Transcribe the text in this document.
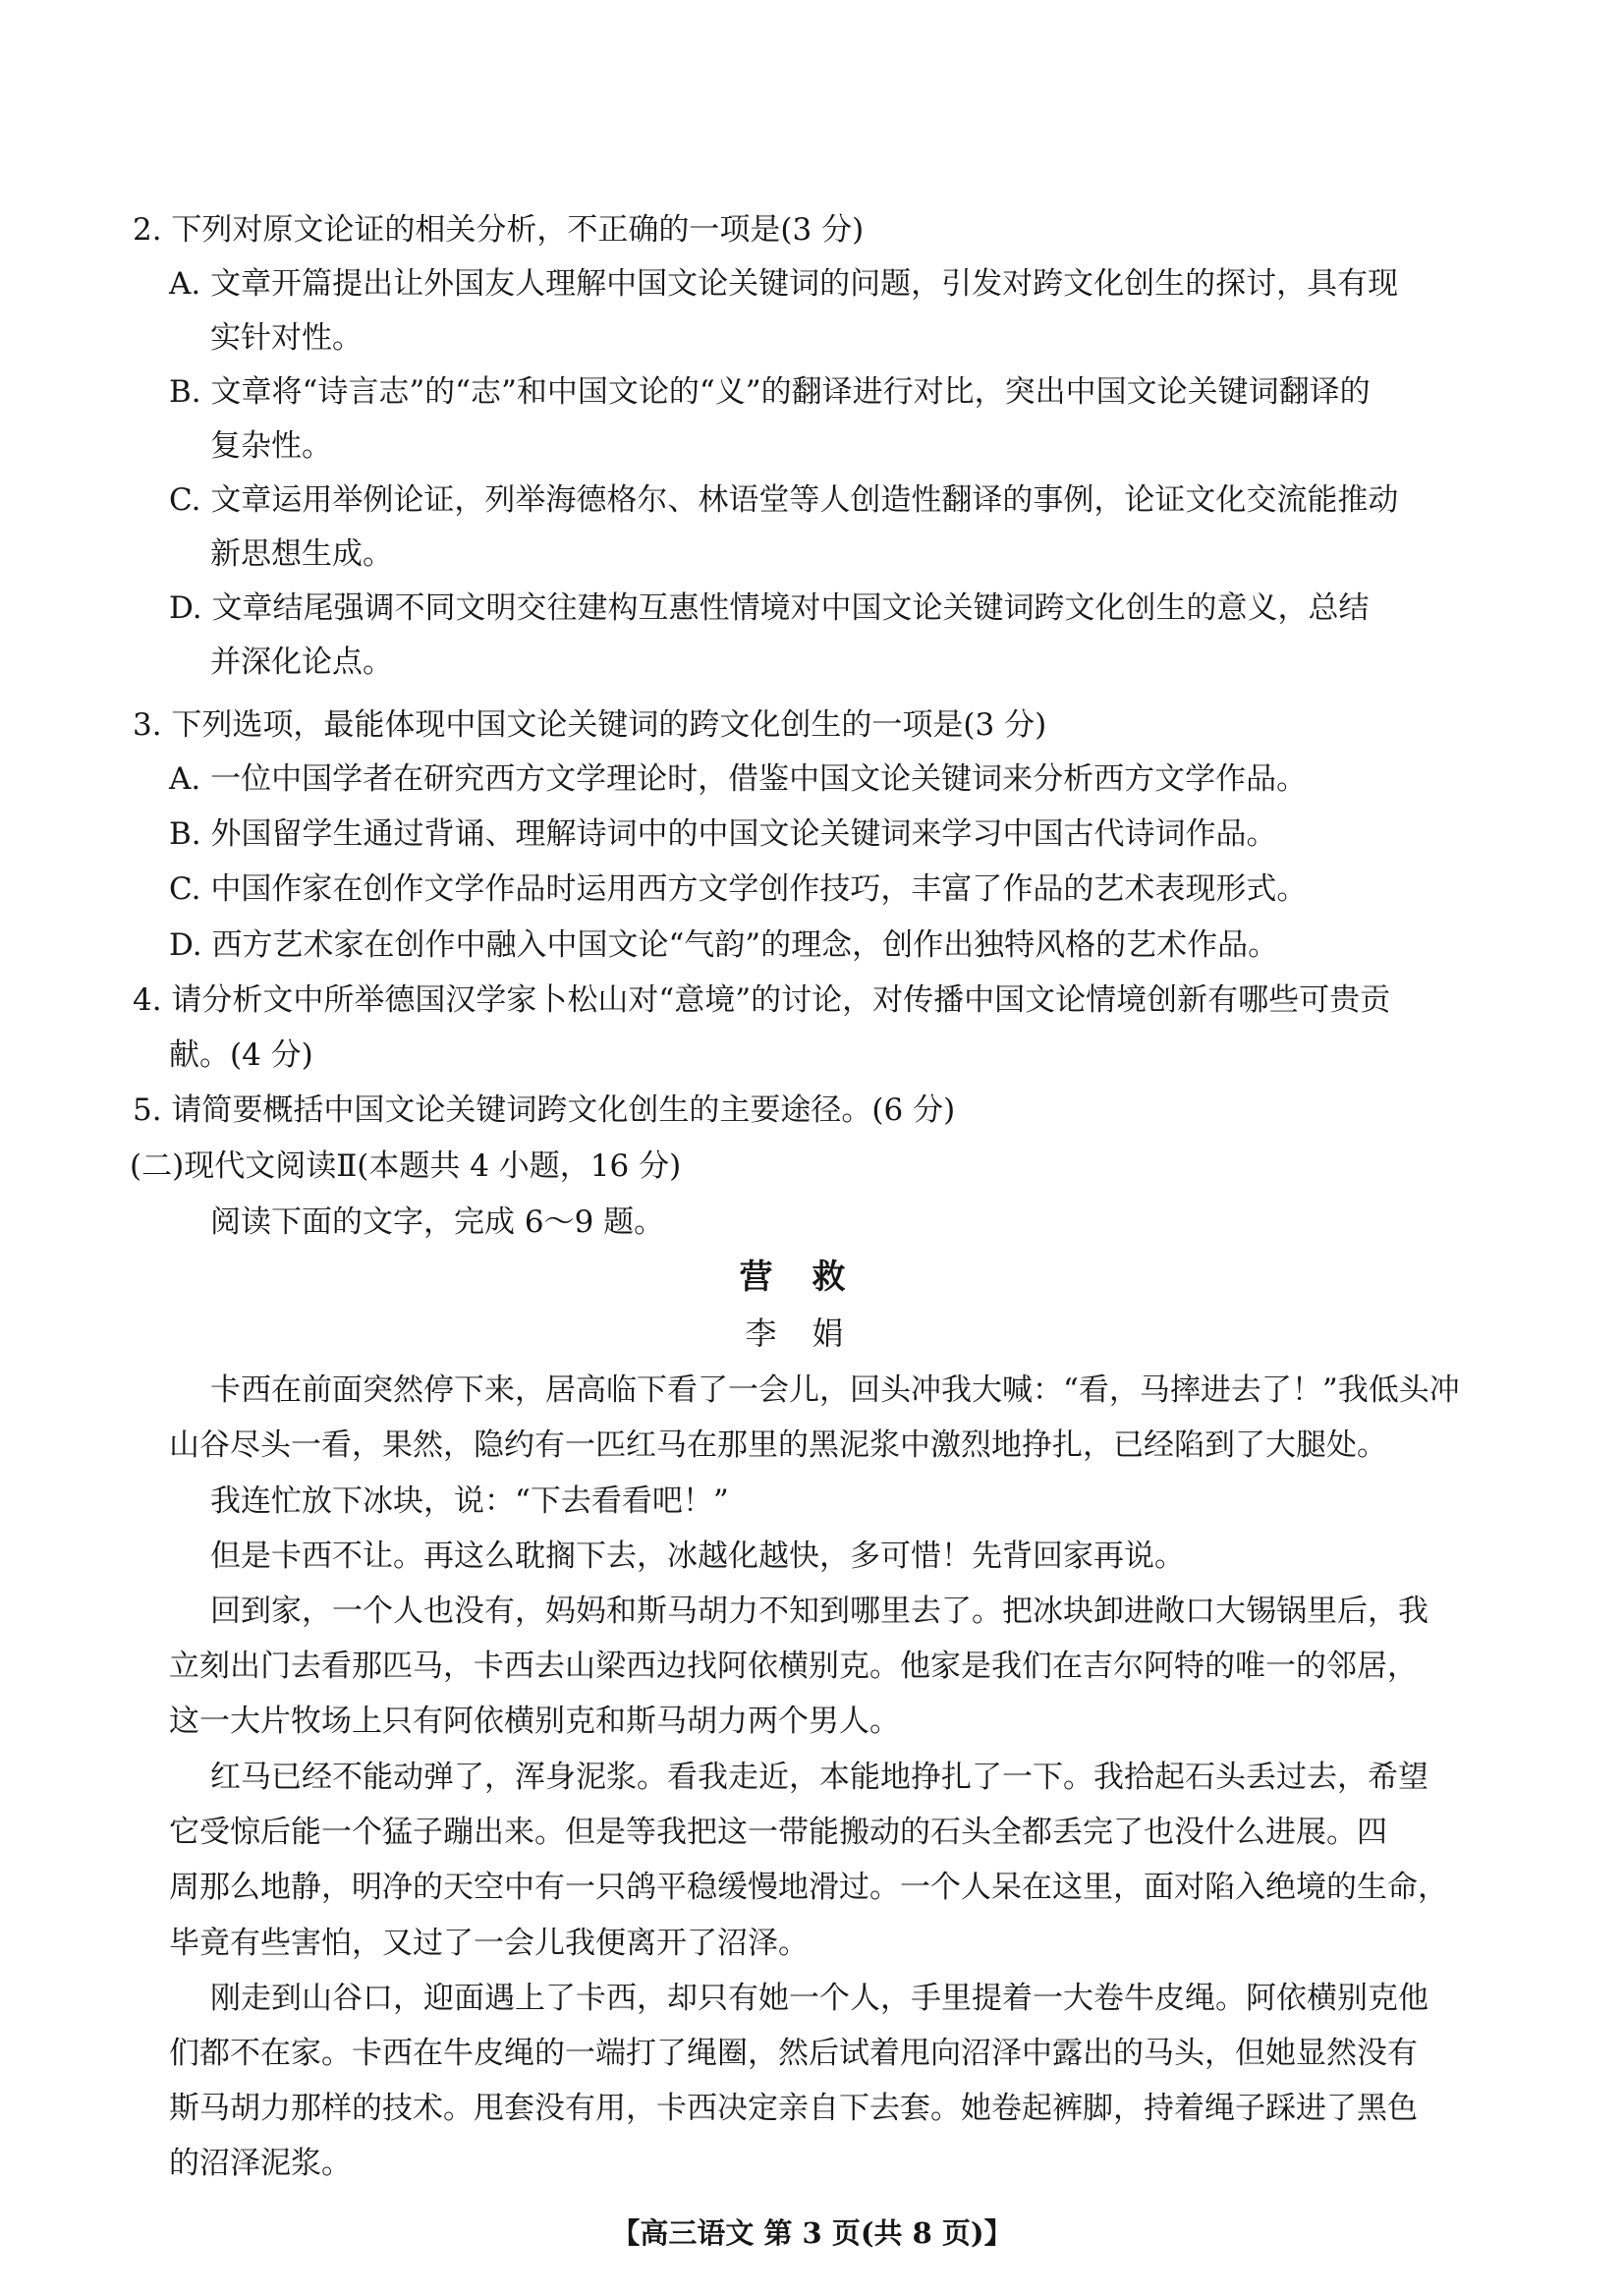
2. 下列对原文论证的相关分析，不正确的一项是(3 分)
A. 文章开篇提出让外国友人理解中国文论关键词的问题，引发对跨文化创生的探讨，具有现
实针对性。
B. 文章将“诗言志”的“志”和中国文论的“义”的翻译进行对比，突出中国文论关键词翻译的
复杂性。
C. 文章运用举例论证，列举海德格尔、林语堂等人创造性翻译的事例，论证文化交流能推动
新思想生成。
D. 文章结尾强调不同文明交往建构互惠性情境对中国文论关键词跨文化创生的意义，总结
并深化论点。
3. 下列选项，最能体现中国文论关键词的跨文化创生的一项是(3 分)
A. 一位中国学者在研究西方文学理论时，借鉴中国文论关键词来分析西方文学作品。
B. 外国留学生通过背诵、理解诗词中的中国文论关键词来学习中国古代诗词作品。
C. 中国作家在创作文学作品时运用西方文学创作技巧，丰富了作品的艺术表现形式。
D. 西方艺术家在创作中融入中国文论“气韵”的理念，创作出独特风格的艺术作品。
4. 请分析文中所举德国汉学家卜松山对“意境”的讨论，对传播中国文论情境创新有哪些可贵贡
献。(4 分)
5. 请简要概括中国文论关键词跨文化创生的主要途径。(6 分)
(二)现代文阅读Ⅱ(本题共 4 小题，16 分)
阅读下面的文字，完成 6～9 题。
营救
李娟
卡西在前面突然停下来，居高临下看了一会儿，回头冲我大喊：“看，马摔进去了！”我低头冲
山谷尽头一看，果然，隐约有一匹红马在那里的黑泥浆中激烈地挣扎，已经陷到了大腿处。
我连忙放下冰块，说：“下去看看吧！”
但是卡西不让。再这么耽搁下去，冰越化越快，多可惜！先背回家再说。
回到家，一个人也没有，妈妈和斯马胡力不知到哪里去了。把冰块卸进敞口大锡锅里后，我
立刻出门去看那匹马，卡西去山梁西边找阿依横别克。他家是我们在吉尔阿特的唯一的邻居，
这一大片牧场上只有阿依横别克和斯马胡力两个男人。
红马已经不能动弹了，浑身泥浆。看我走近，本能地挣扎了一下。我拾起石头丢过去，希望
它受惊后能一个猛子蹦出来。但是等我把这一带能搬动的石头全都丢完了也没什么进展。四
周那么地静，明净的天空中有一只鸽平稳缓慢地滑过。一个人呆在这里，面对陷入绝境的生命，
毕竟有些害怕，又过了一会儿我便离开了沼泽。
刚走到山谷口，迎面遇上了卡西，却只有她一个人，手里提着一大卷牛皮绳。阿依横别克他
们都不在家。卡西在牛皮绳的一端打了绳圈，然后试着甩向沼泽中露出的马头，但她显然没有
斯马胡力那样的技术。甩套没有用，卡西决定亲自下去套。她卷起裤脚，持着绳子踩进了黑色
的沼泽泥浆。
【高三语文 第 3 页(共 8 页)】
